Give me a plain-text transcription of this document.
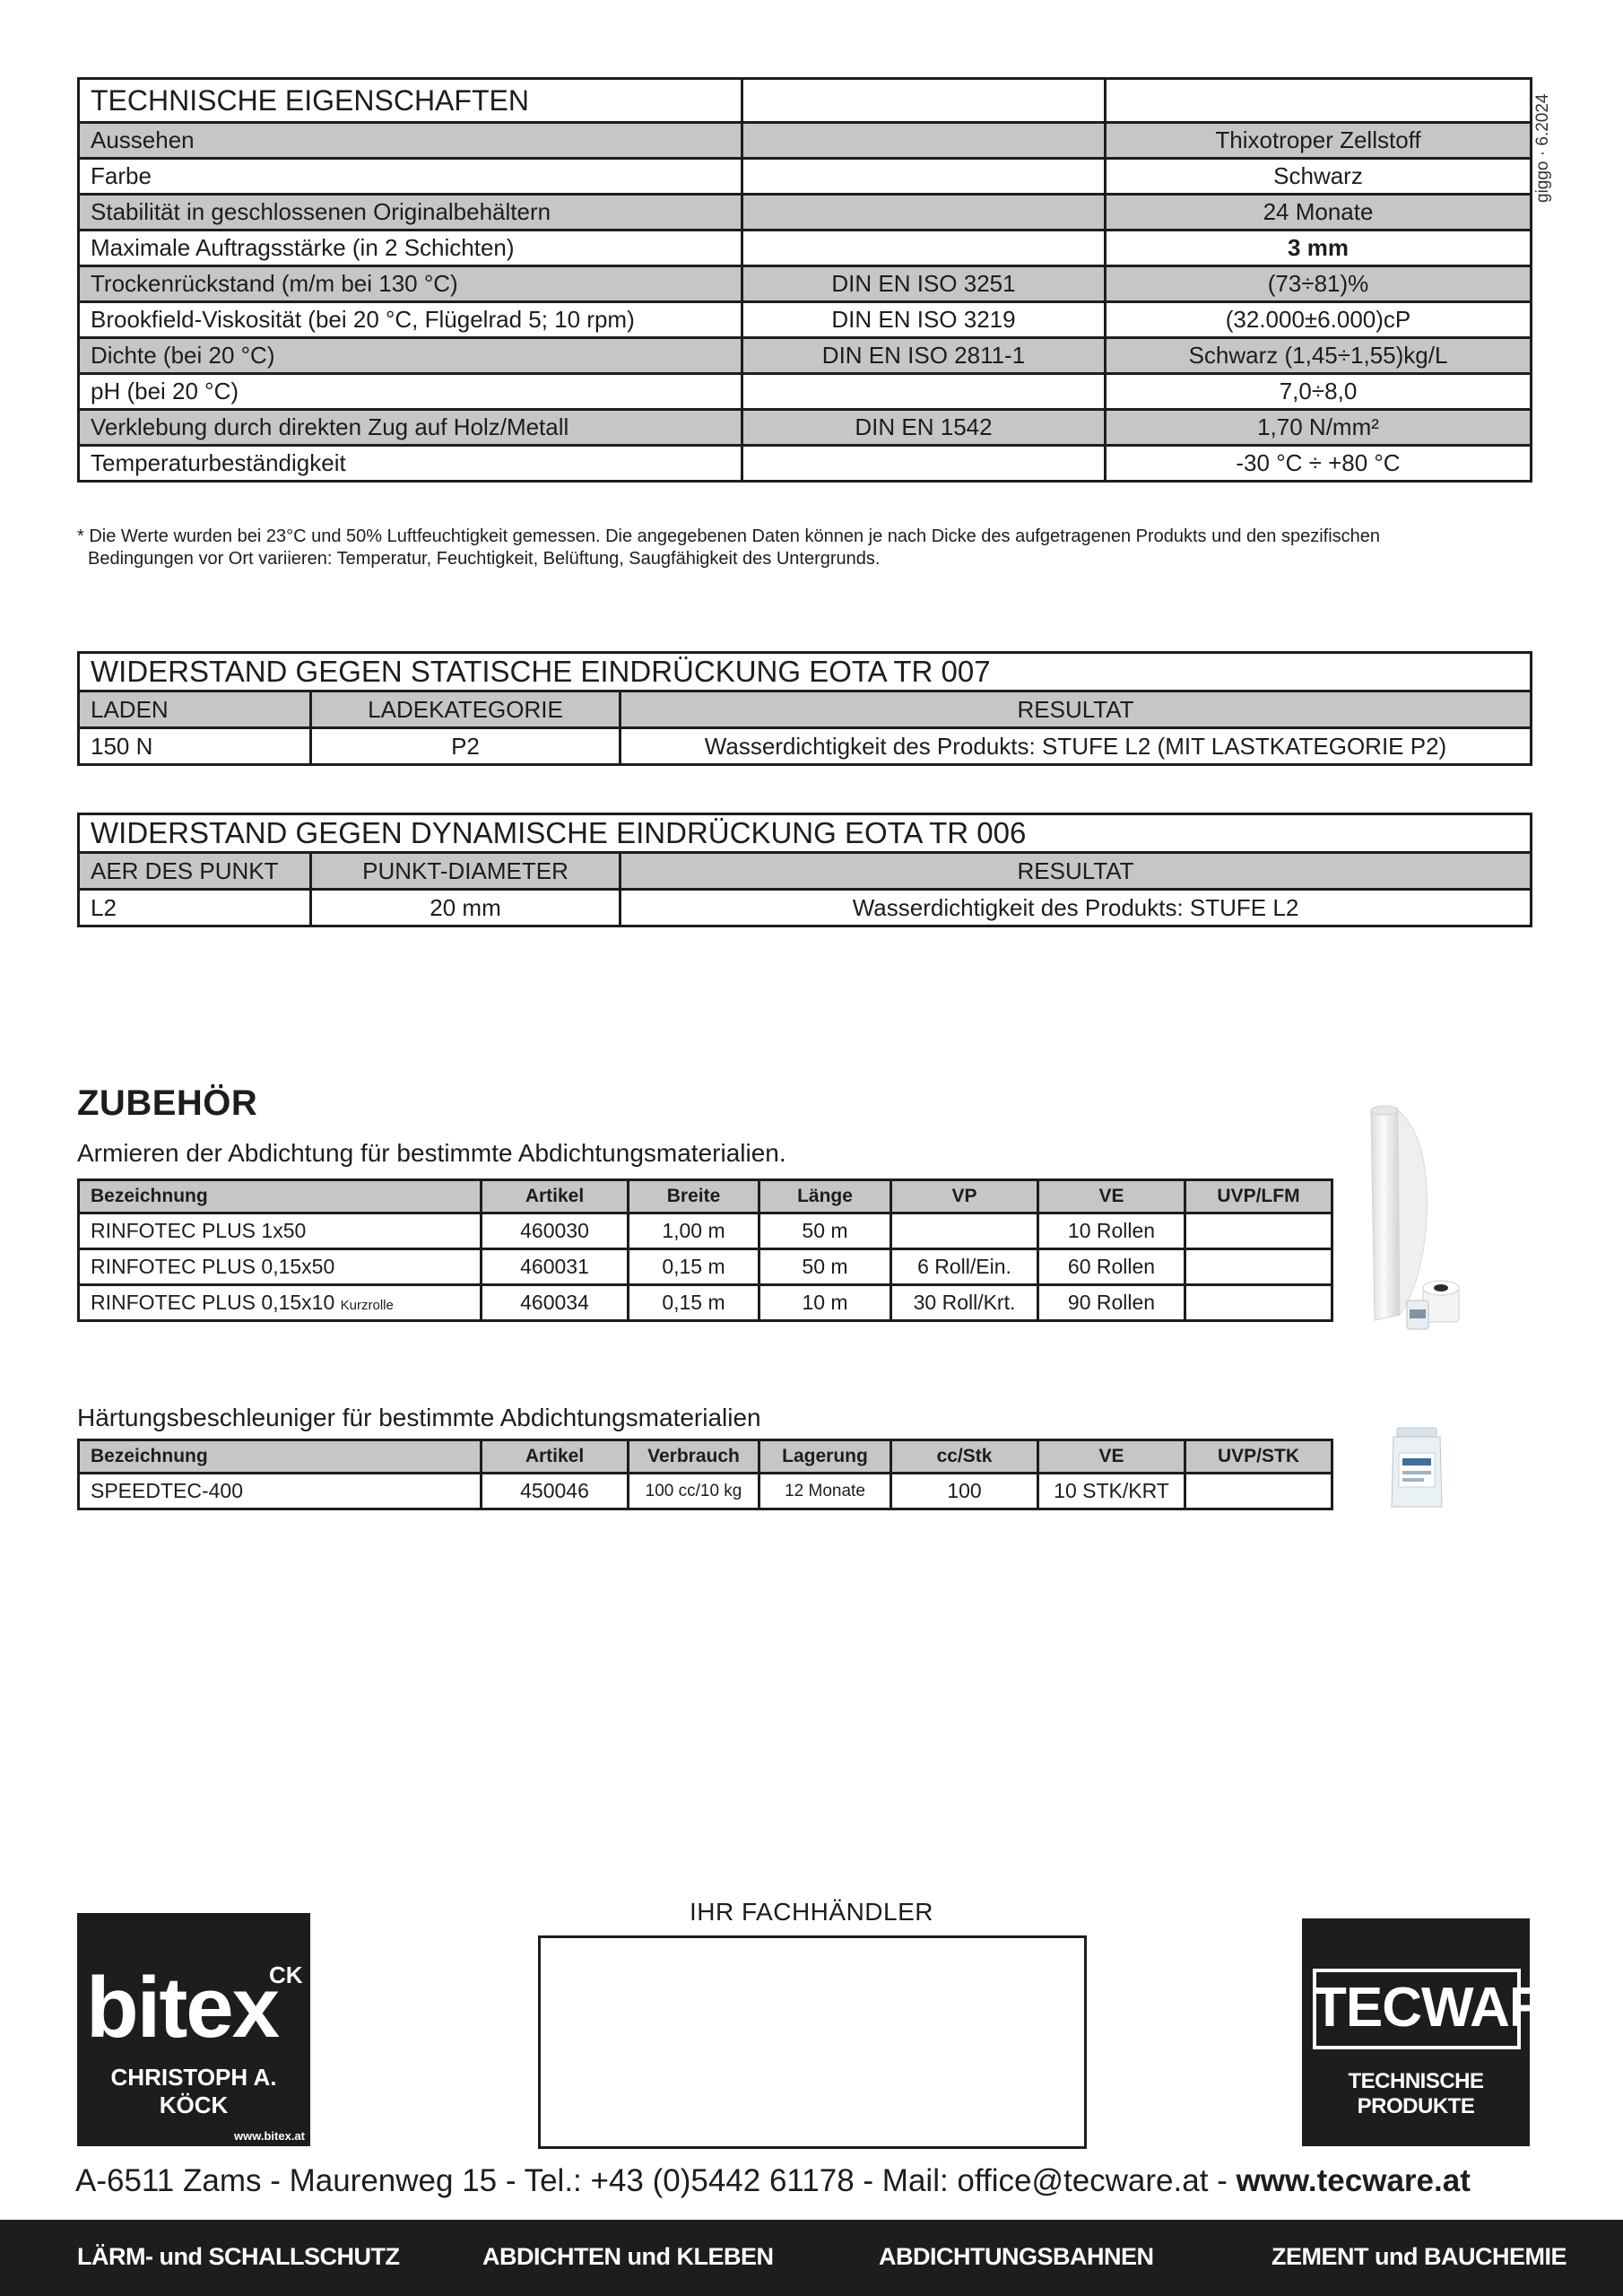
TECHNISCHE EIGENSCHAFTEN		
Aussehen		Thixotroper Zellstoff
Farbe		Schwarz
Stabilität in geschlossenen Originalbehältern		24 Monate
Maximale Auftragsstärke (in 2 Schichten)		3 mm
Trockenrückstand (m/m bei 130 °C)	DIN EN ISO 3251	(73÷81)%
Brookfield-Viskosität (bei 20 °C, Flügelrad 5; 10 rpm)	DIN EN ISO 3219	(32.000±6.000)cP
Dichte (bei 20 °C)	DIN EN ISO 2811-1	Schwarz (1,45÷1,55)kg/L
pH (bei 20 °C)		7,0÷8,0
Verklebung durch direkten Zug auf Holz/Metall	DIN EN 1542	1,70 N/mm²
Temperaturbeständigkeit		-30 °C ÷ +80 °C
giggo · 6.2024
* Die Werte wurden bei 23°C und 50% Luftfeuchtigkeit gemessen. Die angegebenen Daten können je nach Dicke des aufgetragenen Produkts und den spezifischen
Bedingungen vor Ort variieren: Temperatur, Feuchtigkeit, Belüftung, Saugfähigkeit des Untergrunds.
WIDERSTAND GEGEN STATISCHE EINDRÜCKUNG EOTA TR 007		
LADEN	LADEKATEGORIE	RESULTAT
150 N	P2	Wasserdichtigkeit des Produkts: STUFE L2 (MIT LASTKATEGORIE P2)
WIDERSTAND GEGEN DYNAMISCHE EINDRÜCKUNG EOTA TR 006		
AER DES PUNKT	PUNKT-DIAMETER	RESULTAT
L2	20 mm	Wasserdichtigkeit des Produkts: STUFE L2
ZUBEHÖR
Armieren der Abdichtung für bestimmte Abdichtungsmaterialien.
Bezeichnung	Artikel	Breite	Länge	VP	VE	UVP/LFM
RINFOTEC PLUS 1x50	460030	1,00 m	50 m		10 Rollen	
RINFOTEC PLUS 0,15x50	460031	0,15 m	50 m	6 Roll/Ein.	60 Rollen	
RINFOTEC PLUS 0,15x10 Kurzrolle	460034	0,15 m	10 m	30 Roll/Krt.	90 Rollen	
Härtungsbeschleuniger für bestimmte Abdichtungsmaterialien
Bezeichnung	Artikel	Verbrauch	Lagerung	cc/Stk	VE	UVP/STK
SPEEDTEC-400	450046	100 cc/10 kg	12 Monate	100	10 STK/KRT	
bitex
CK
CHRISTOPH A. KÖCK
www.bitex.at
IHR FACHHÄNDLER
TECWARE
TECHNISCHE PRODUKTE
A-6511 Zams - Maurenweg 15 - Tel.: +43 (0)5442 61178 - Mail: office@tecware.at - www.tecware.at
LÄRM- und SCHALLSCHUTZ	ABDICHTEN und KLEBEN	ABDICHTUNGSBAHNEN	ZEMENT und BAUCHEMIE
